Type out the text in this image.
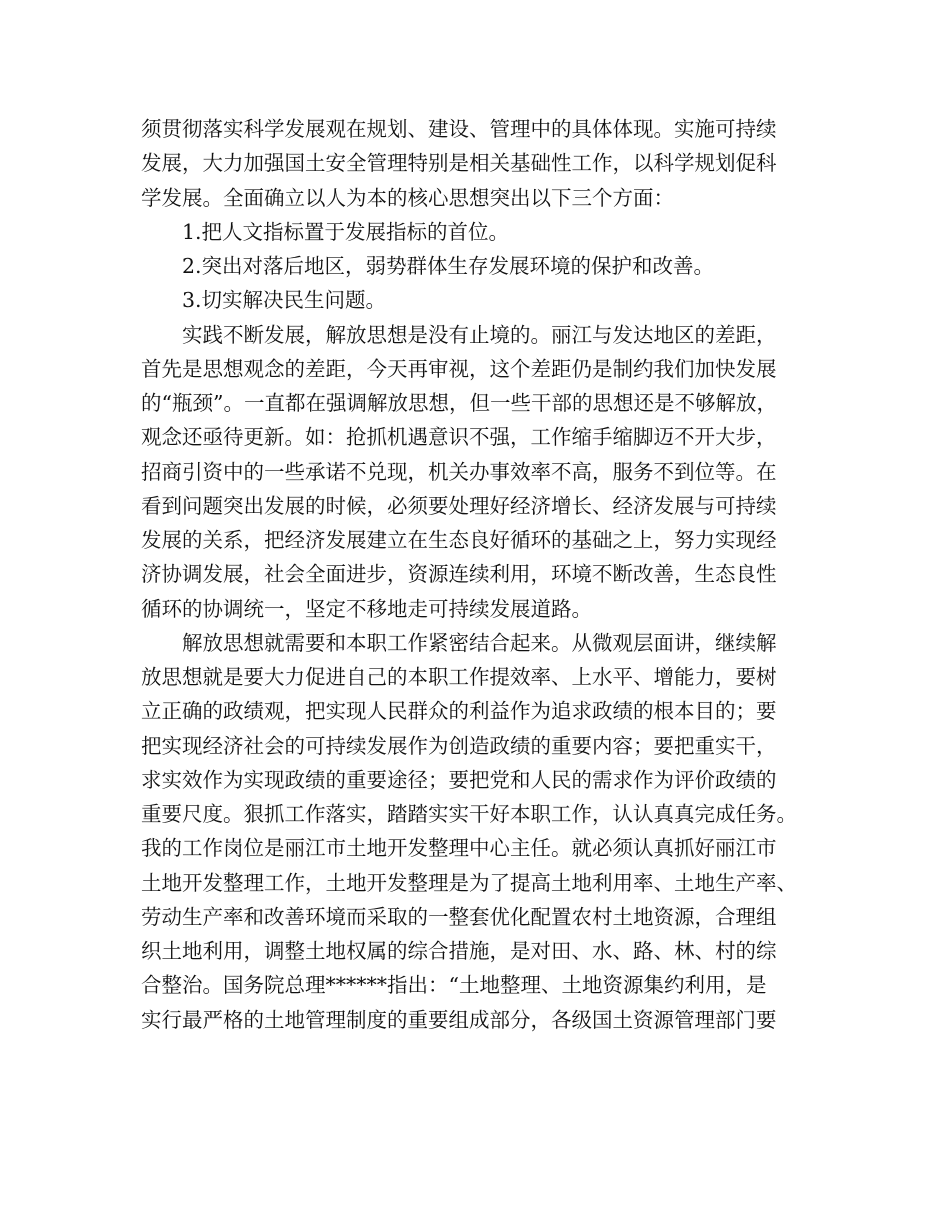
须贯彻落实科学发展观在规划、建设、管理中的具体体现。实施可持续
发展，大力加强国土安全管理特别是相关基础性工作，以科学规划促科
学发展。全面确立以人为本的核心思想突出以下三个方面：
1.把人文指标置于发展指标的首位。
2.突出对落后地区，弱势群体生存发展环境的保护和改善。
3.切实解决民生问题。
实践不断发展，解放思想是没有止境的。丽江与发达地区的差距，
首先是思想观念的差距，今天再审视，这个差距仍是制约我们加快发展
的“瓶颈”。一直都在强调解放思想，但一些干部的思想还是不够解放，
观念还亟待更新。如：抢抓机遇意识不强，工作缩手缩脚迈不开大步，
招商引资中的一些承诺不兑现，机关办事效率不高，服务不到位等。在
看到问题突出发展的时候，必须要处理好经济增长、经济发展与可持续
发展的关系，把经济发展建立在生态良好循环的基础之上，努力实现经
济协调发展，社会全面进步，资源连续利用，环境不断改善，生态良性
循环的协调统一，坚定不移地走可持续发展道路。
解放思想就需要和本职工作紧密结合起来。从微观层面讲，继续解
放思想就是要大力促进自己的本职工作提效率、上水平、增能力，要树
立正确的政绩观，把实现人民群众的利益作为追求政绩的根本目的；要
把实现经济社会的可持续发展作为创造政绩的重要内容；要把重实干，
求实效作为实现政绩的重要途径；要把党和人民的需求作为评价政绩的
重要尺度。狠抓工作落实，踏踏实实干好本职工作，认认真真完成任务。
我的工作岗位是丽江市土地开发整理中心主任。就必须认真抓好丽江市
土地开发整理工作，土地开发整理是为了提高土地利用率、土地生产率、
劳动生产率和改善环境而采取的一整套优化配置农村土地资源，合理组
织土地利用，调整土地权属的综合措施，是对田、水、路、林、村的综
合整治。国务院总理******指出：“土地整理、土地资源集约利用，是
实行最严格的土地管理制度的重要组成部分，各级国土资源管理部门要
